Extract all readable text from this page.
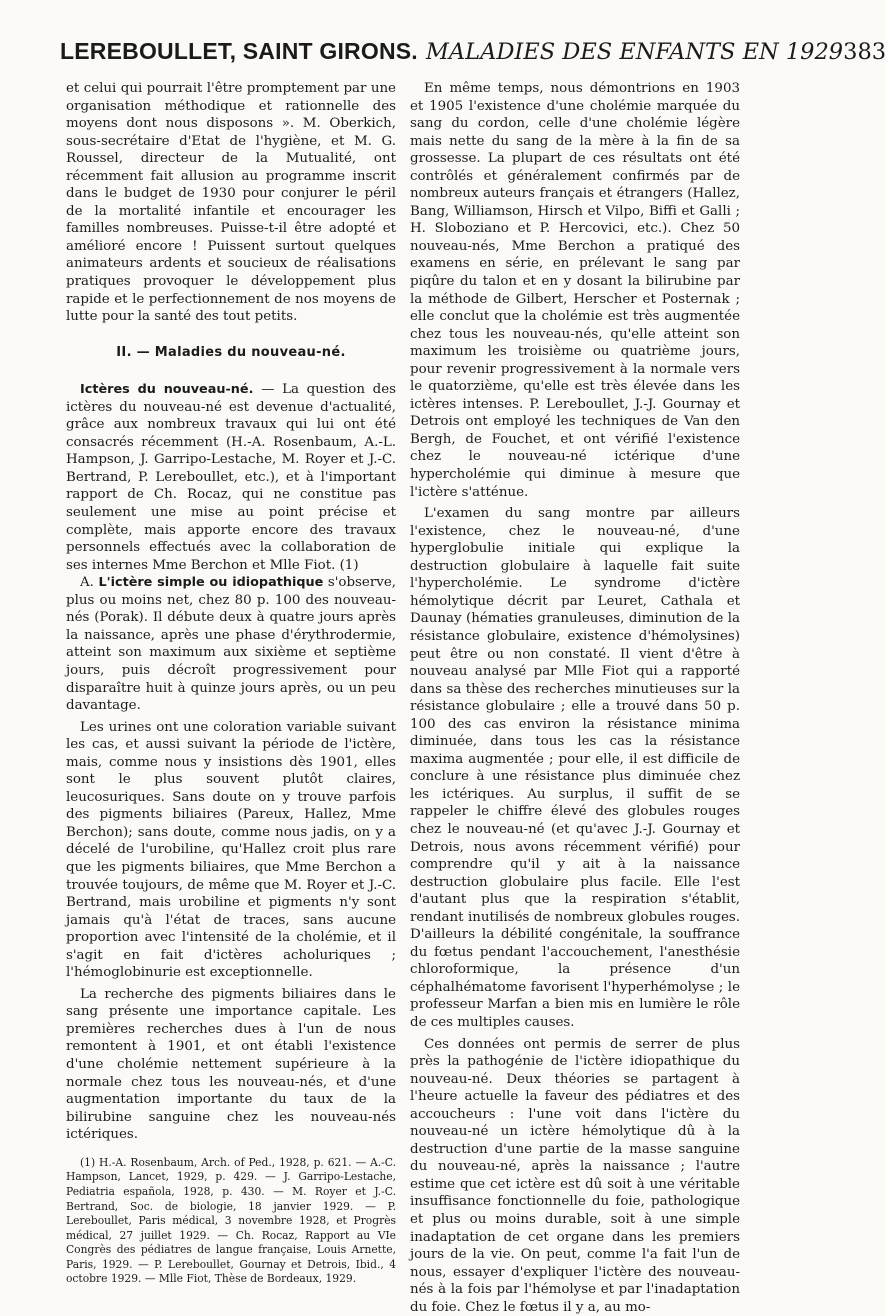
LEREBOULLET, SAINT GIRONS. MALADIES DES ENFANTS EN 1929 383

et celui qui pourrait l'être promptement par une organisation méthodique et rationnelle des moyens dont nous disposons ». M. Oberkich, sous-secrétaire d'Etat de l'hygiène, et M. G. Roussel, directeur de la Mutualité, ont récemment fait allusion au programme inscrit dans le budget de 1930 pour conjurer le péril de la mortalité infantile et encourager les familles nombreuses. Puisse-t-il être adopté et amélioré encore ! Puissent surtout quelques animateurs ardents et soucieux de réalisations pratiques provoquer le développement plus rapide et le perfectionnement de nos moyens de lutte pour la santé des tout petits.

II. — Maladies du nouveau-né.

Ictères du nouveau-né. — La question des ictères du nouveau-né est devenue d'actualité, grâce aux nombreux travaux qui lui ont été consacrés récemment (H.-A. Rosenbaum, A.-L. Hampson, J. Garripo-Lestache, M. Royer et J.-C. Bertrand, P. Lereboullet, etc.), et à l'important rapport de Ch. Rocaz, qui ne constitue pas seulement une mise au point précise et complète, mais apporte encore des travaux personnels effectués avec la collaboration de ses internes Mme Berchon et Mlle Fiot. (1)

A. L'ictère simple ou idiopathique s'observe, plus ou moins net, chez 80 p. 100 des nouveau-nés (Porak). Il débute deux à quatre jours après la naissance, après une phase d'érythrodermie, atteint son maximum aux sixième et septième jours, puis décroît progressivement pour disparaître huit à quinze jours après, ou un peu davantage.

Les urines ont une coloration variable suivant les cas, et aussi suivant la période de l'ictère, mais, comme nous y insistions dès 1901, elles sont le plus souvent plutôt claires, leucosuriques. Sans doute on y trouve parfois des pigments biliaires (Pareux, Hallez, Mme Berchon); sans doute, comme nous jadis, on y a décelé de l'urobiline, qu'Hallez croit plus rare que les pigments biliaires, que Mme Berchon a trouvée toujours, de même que M. Royer et J.-C. Bertrand, mais urobiline et pigments n'y sont jamais qu'à l'état de traces, sans aucune proportion avec l'intensité de la cholémie, et il s'agit en fait d'ictères acholuriques ; l'hémoglobinurie est exceptionnelle.

La recherche des pigments biliaires dans le sang présente une importance capitale. Les premières recherches dues à l'un de nous remontent à 1901, et ont établi l'existence d'une cholémie nettement supérieure à la normale chez tous les nouveau-nés, et d'une augmentation importante du taux de la bilirubine sanguine chez les nouveau-nés ictériques.

(1) H.-A. Rosenbaum, Arch. of Ped., 1928, p. 621. — A.-C. Hampson, Lancet, 1929, p. 429. — J. Garripo-Lestache, Pediatria española, 1928, p. 430. — M. Royer et J.-C. Bertrand, Soc. de biologie, 18 janvier 1929. — P. Lereboullet, Paris médical, 3 novembre 1928, et Progrès médical, 27 juillet 1929. — Ch. Rocaz, Rapport au VIe Congrès des pédiatres de langue française, Louis Arnette, Paris, 1929. — P. Lereboullet, Gournay et Detrois, Ibid., 4 octobre 1929. — Mlle Fiot, Thèse de Bordeaux, 1929.

En même temps, nous démontrions en 1903 et 1905 l'existence d'une cholémie marquée du sang du cordon, celle d'une cholémie légère mais nette du sang de la mère à la fin de sa grossesse. La plupart de ces résultats ont été contrôlés et généralement confirmés par de nombreux auteurs français et étrangers (Hallez, Bang, Williamson, Hirsch et Vilpo, Biffi et Galli ; H. Sloboziano et P. Hercovici, etc.). Chez 50 nouveau-nés, Mme Berchon a pratiqué des examens en série, en prélevant le sang par piqûre du talon et en y dosant la bilirubine par la méthode de Gilbert, Herscher et Posternak ; elle conclut que la cholémie est très augmentée chez tous les nouveau-nés, qu'elle atteint son maximum les troisième ou quatrième jours, pour revenir progressivement à la normale vers le quatorzième, qu'elle est très élevée dans les ictères intenses. P. Lereboullet, J.-J. Gournay et Detrois ont employé les techniques de Van den Bergh, de Fouchet, et ont vérifié l'existence chez le nouveau-né ictérique d'une hypercholémie qui diminue à mesure que l'ictère s'atténue.

L'examen du sang montre par ailleurs l'existence, chez le nouveau-né, d'une hyperglobulie initiale qui explique la destruction globulaire à laquelle fait suite l'hypercholémie. Le syndrome d'ictère hémolytique décrit par Leuret, Cathala et Daunay (hématies granuleuses, diminution de la résistance globulaire, existence d'hémolysines) peut être ou non constaté. Il vient d'être à nouveau analysé par Mlle Fiot qui a rapporté dans sa thèse des recherches minutieuses sur la résistance globulaire ; elle a trouvé dans 50 p. 100 des cas environ la résistance minima diminuée, dans tous les cas la résistance maxima augmentée ; pour elle, il est difficile de conclure à une résistance plus diminuée chez les ictériques. Au surplus, il suffit de se rappeler le chiffre élevé des globules rouges chez le nouveau-né (et qu'avec J.-J. Gournay et Detrois, nous avons récemment vérifié) pour comprendre qu'il y ait à la naissance destruction globulaire plus facile. Elle l'est d'autant plus que la respiration s'établit, rendant inutilisés de nombreux globules rouges. D'ailleurs la débilité congénitale, la souffrance du fœtus pendant l'accouchement, l'anesthésie chloroformique, la présence d'un céphalhématome favorisent l'hyperhémolyse ; le professeur Marfan a bien mis en lumière le rôle de ces multiples causes.

Ces données ont permis de serrer de plus près la pathogénie de l'ictère idiopathique du nouveau-né. Deux théories se partagent à l'heure actuelle la faveur des pédiatres et des accoucheurs : l'une voit dans l'ictère du nouveau-né un ictère hémolytique dû à la destruction d'une partie de la masse sanguine du nouveau-né, après la naissance ; l'autre estime que cet ictère est dû soit à une véritable insuffisance fonctionnelle du foie, pathologique et plus ou moins durable, soit à une simple inadaptation de cet organe dans les premiers jours de la vie. On peut, comme l'a fait l'un de nous, essayer d'expliquer l'ictère des nouveau-nés à la fois par l'hémolyse et par l'inadaptation du foie. Chez le fœtus il y a, au mo-
